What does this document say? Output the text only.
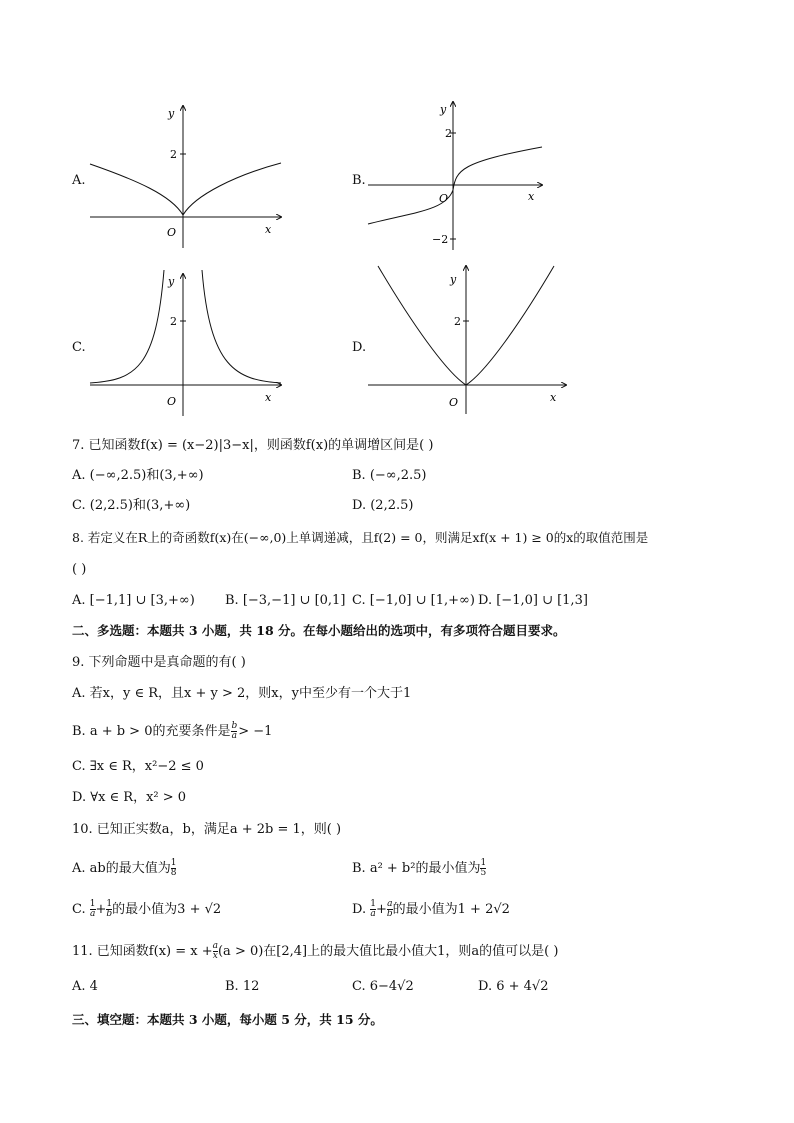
A.
2
y
x
O
B.
2
−2
y
x
O
C.
2
y
x
O
D.
2
y
x
O
7. 已知函数f(x) = (x−2)|3−x|，则函数f(x)的单调增区间是( )
A. (−∞,2.5)和(3,+∞)	B. (−∞,2.5)
C. (2,2.5)和(3,+∞)	D. (2,2.5)
8. 若定义在R上的奇函数f(x)在(−∞,0)上单调递减，且f(2) = 0，则满足xf(x + 1) ≥ 0的x的取值范围是
( )
A. [−1,1] ∪ [3,+∞) B. [−3,−1] ∪ [0,1] C. [−1,0] ∪ [1,+∞) D. [−1,0] ∪ [1,3]
二、多选题：本题共 3 小题，共 18 分。在每小题给出的选项中，有多项符合题目要求。
9. 下列命题中是真命题的有( )
A. 若x，y ∈ R，且x + y > 2，则x，y中至少有一个大于1
B. a + b > 0的充要条件是 $\frac{b}{a} > -1$
C. ∃x ∈ R，x²−2 ≤ 0
D. ∀x ∈ R，x² > 0
10. 已知正实数a，b，满足a + 2b = 1，则( )
A. ab的最大值为 $\frac{1}{8}$	B. a² + b²的最小值为 $\frac{1}{5}$
C. $\frac{1}{a} + \frac{1}{b}$ 的最小值为3 + √2	D. $\frac{1}{a} + \frac{a}{b}$ 的最小值为1 + 2√2
11. 已知函数$f(x) = x + \frac{a}{x} (a > 0)$在[2,4]上的最大值比最小值大1，则a的值可以是( )
A. 4	B. 12	C. 6−4√2	D. 6 + 4√2
三、填空题：本题共 3 小题，每小题 5 分，共 15 分。
